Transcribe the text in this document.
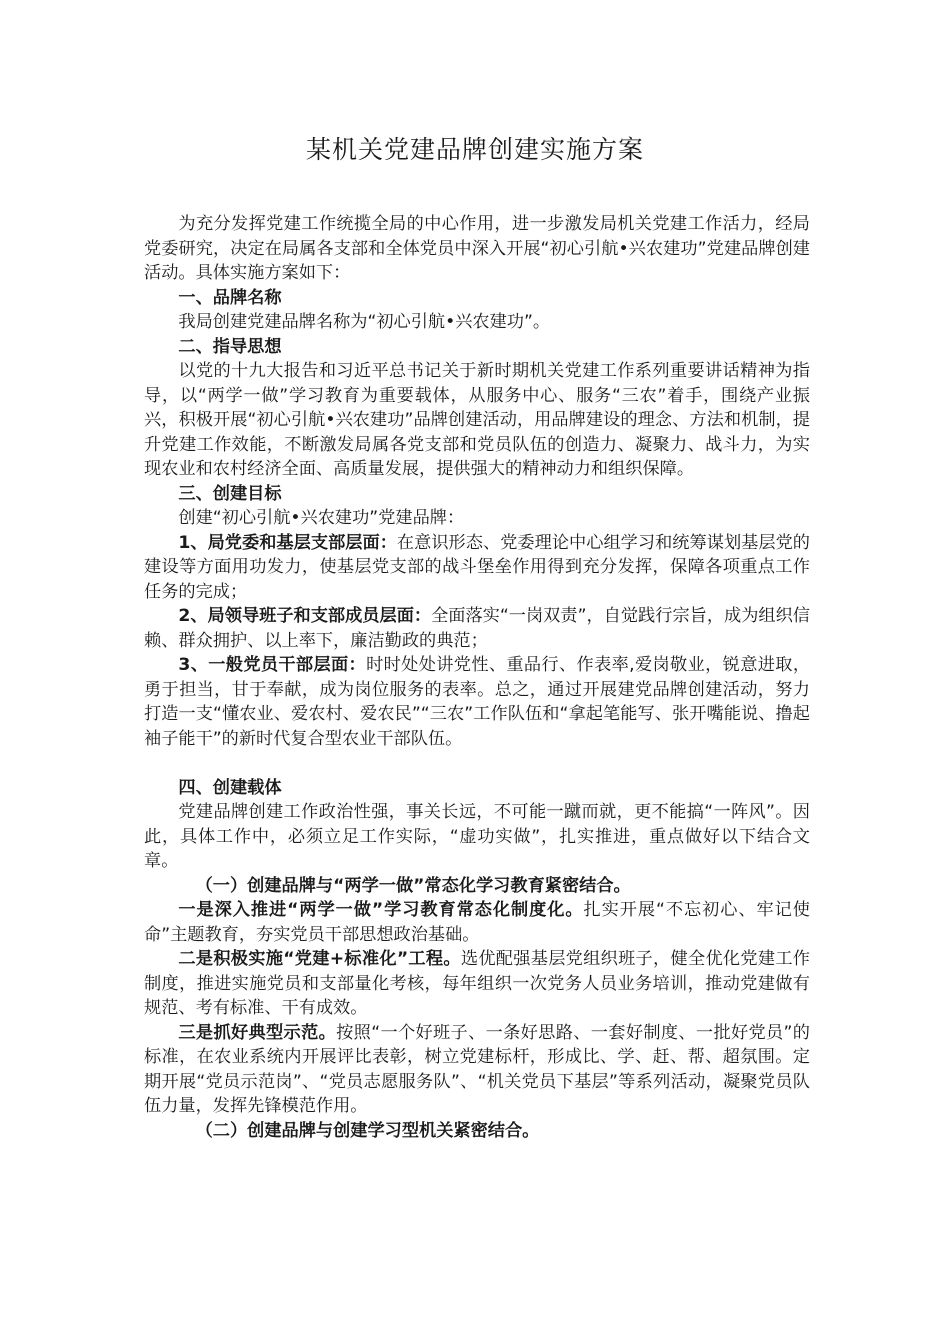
某机关党建品牌创建实施方案

为充分发挥党建工作统揽全局的中心作用，进一步激发局机关党建工作活力，经局党委研究，决定在局属各支部和全体党员中深入开展“初心引航•兴农建功”党建品牌创建活动。具体实施方案如下：

一、品牌名称

我局创建党建品牌名称为“初心引航•兴农建功”。

二、指导思想

以党的十九大报告和习近平总书记关于新时期机关党建工作系列重要讲话精神为指导，以“两学一做”学习教育为重要载体，从服务中心、服务“三农”着手，围绕产业振兴，积极开展“初心引航•兴农建功”品牌创建活动，用品牌建设的理念、方法和机制，提升党建工作效能，不断激发局属各党支部和党员队伍的创造力、凝聚力、战斗力，为实现农业和农村经济全面、高质量发展，提供强大的精神动力和组织保障。

三、创建目标

创建“初心引航•兴农建功”党建品牌：

1、局党委和基层支部层面：在意识形态、党委理论中心组学习和统筹谋划基层党的建设等方面用功发力，使基层党支部的战斗堡垒作用得到充分发挥，保障各项重点工作任务的完成；

2、局领导班子和支部成员层面：全面落实“一岗双责”，自觉践行宗旨，成为组织信赖、群众拥护、以上率下，廉洁勤政的典范；

3、一般党员干部层面：时时处处讲党性、重品行、作表率,爱岗敬业，锐意进取，勇于担当，甘于奉献，成为岗位服务的表率。总之，通过开展建党品牌创建活动，努力打造一支“懂农业、爱农村、爱农民”“三农”工作队伍和“拿起笔能写、张开嘴能说、撸起袖子能干”的新时代复合型农业干部队伍。

四、创建载体

党建品牌创建工作政治性强，事关长远，不可能一蹴而就，更不能搞“一阵风”。因此，具体工作中，必须立足工作实际，“虚功实做”，扎实推进，重点做好以下结合文章。

（一）创建品牌与“两学一做”常态化学习教育紧密结合。

一是深入推进“两学一做”学习教育常态化制度化。扎实开展“不忘初心、牢记使命”主题教育，夯实党员干部思想政治基础。

二是积极实施“党建+标准化”工程。选优配强基层党组织班子，健全优化党建工作制度，推进实施党员和支部量化考核，每年组织一次党务人员业务培训，推动党建做有规范、考有标准、干有成效。

三是抓好典型示范。按照“一个好班子、一条好思路、一套好制度、一批好党员”的标准，在农业系统内开展评比表彰，树立党建标杆，形成比、学、赶、帮、超氛围。定期开展“党员示范岗”、“党员志愿服务队”、“机关党员下基层”等系列活动，凝聚党员队伍力量，发挥先锋模范作用。

（二）创建品牌与创建学习型机关紧密结合。
